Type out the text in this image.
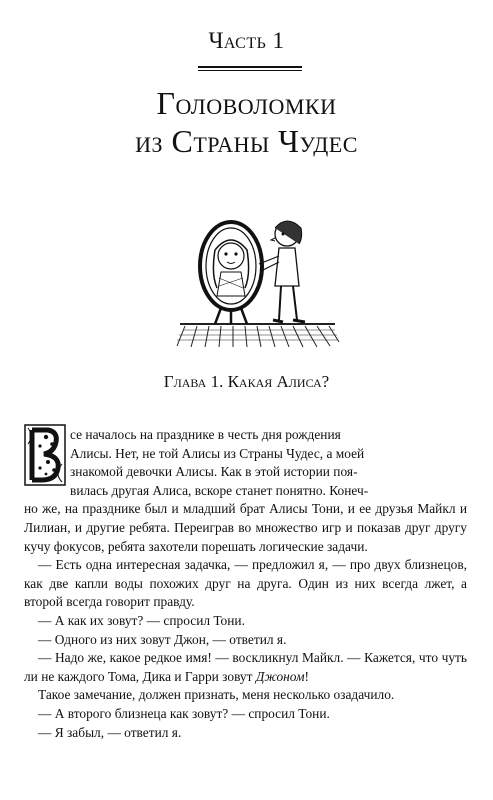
Часть 1
Головоломки
из Страны Чудес
Глава 1. Какая Алиса?
се началось на празднике в честь дня рождения
Алисы. Нет, не той Алисы из Страны Чудес, а моей
знакомой девочки Алисы. Как в этой истории поя-
вилась другая Алиса, вскоре станет понятно. Конеч-

но же, на празднике был и младший брат Алисы Тони, и ее друзья Майкл и Лилиан, и другие ребята. Переиграв во множество игр и показав друг другу кучу фокусов, ребята захотели порешать логические задачи.

— Есть одна интересная задачка, — предложил я, — про двух близнецов, как две капли воды похожих друг на друга. Один из них всегда лжет, а второй всегда говорит правду.

— А как их зовут? — спросил Тони.

— Одного из них зовут Джон, — ответил я.

— Надо же, какое редкое имя! — воскликнул Майкл. — Кажется, что чуть ли не каждого Тома, Дика и Гарри зовут Джоном!

Такое замечание, должен признать, меня несколько озадачило.

— А второго близнеца как зовут? — спросил Тони.

— Я забыл, — ответил я.
